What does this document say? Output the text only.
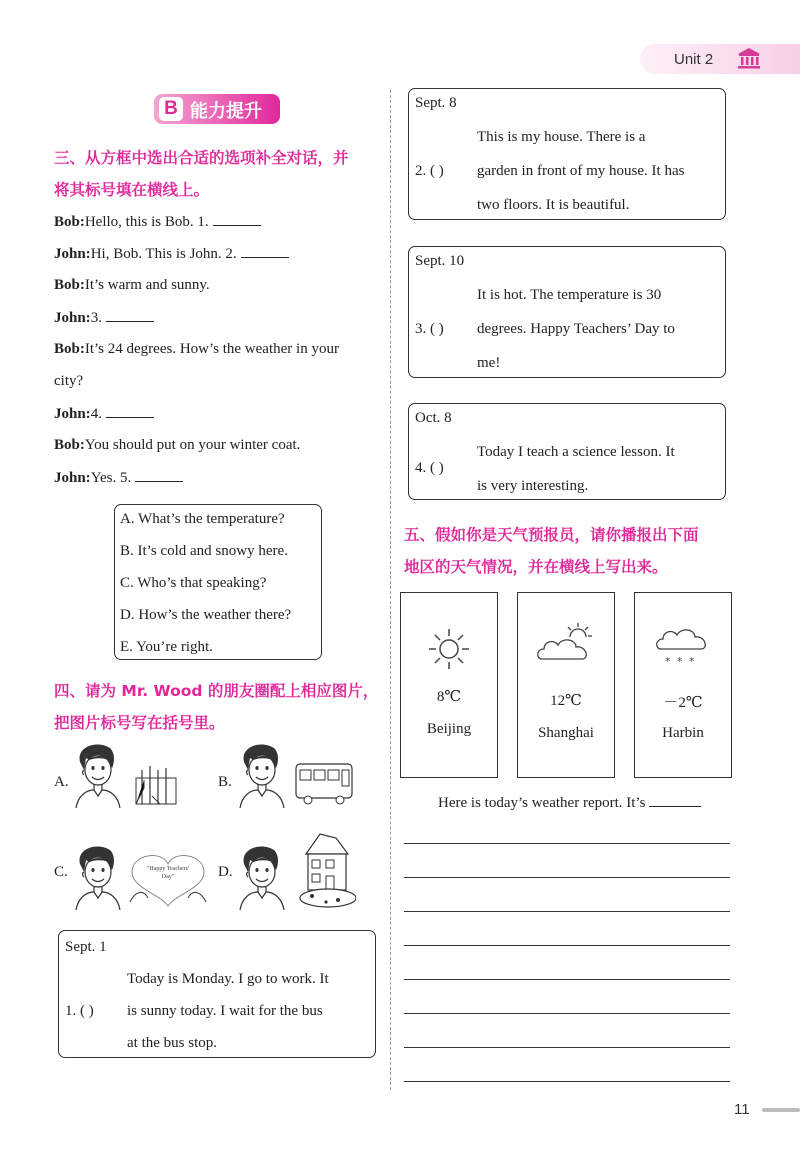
Unit 2
B 能力提升
三、从方框中选出合适的选项补全对话，并
将其标号填在横线上。
Bob:Hello, this is Bob. 1.
John:Hi, Bob. This is John. 2.
Bob:It’s warm and sunny.
John:3.
Bob:It’s 24 degrees. How’s the weather in your
city?
John:4.
Bob:You should put on your winter coat.
John:Yes. 5.
A. What’s the temperature?
B. It’s cold and snowy here.
C. Who’s that speaking?
D. How’s the weather there?
E. You’re right.
四、请为 Mr. Wood 的朋友圈配上相应图片，
把图片标号写在括号里。
A.	B.
C.	D.
"Happy Teachers'
Day"
Sept. 1
1. ( )
Today is Monday. I go to work. It
is sunny today. I wait for the bus
at the bus stop.
Sept. 8
2. ( )
This is my house. There is a
garden in front of my house. It has
two floors. It is beautiful.
Sept. 10
3. ( )
It is hot. The temperature is 30
degrees. Happy Teachers’ Day to
me!
Oct. 8
4. ( )
Today I teach a science lesson. It
is very interesting.
五、假如你是天气预报员，请你播报出下面
地区的天气情况，并在横线上写出来。
8℃
Beijing
12℃
Shanghai
* * *
－2℃
Harbin
Here is today’s weather report. It’s
11
